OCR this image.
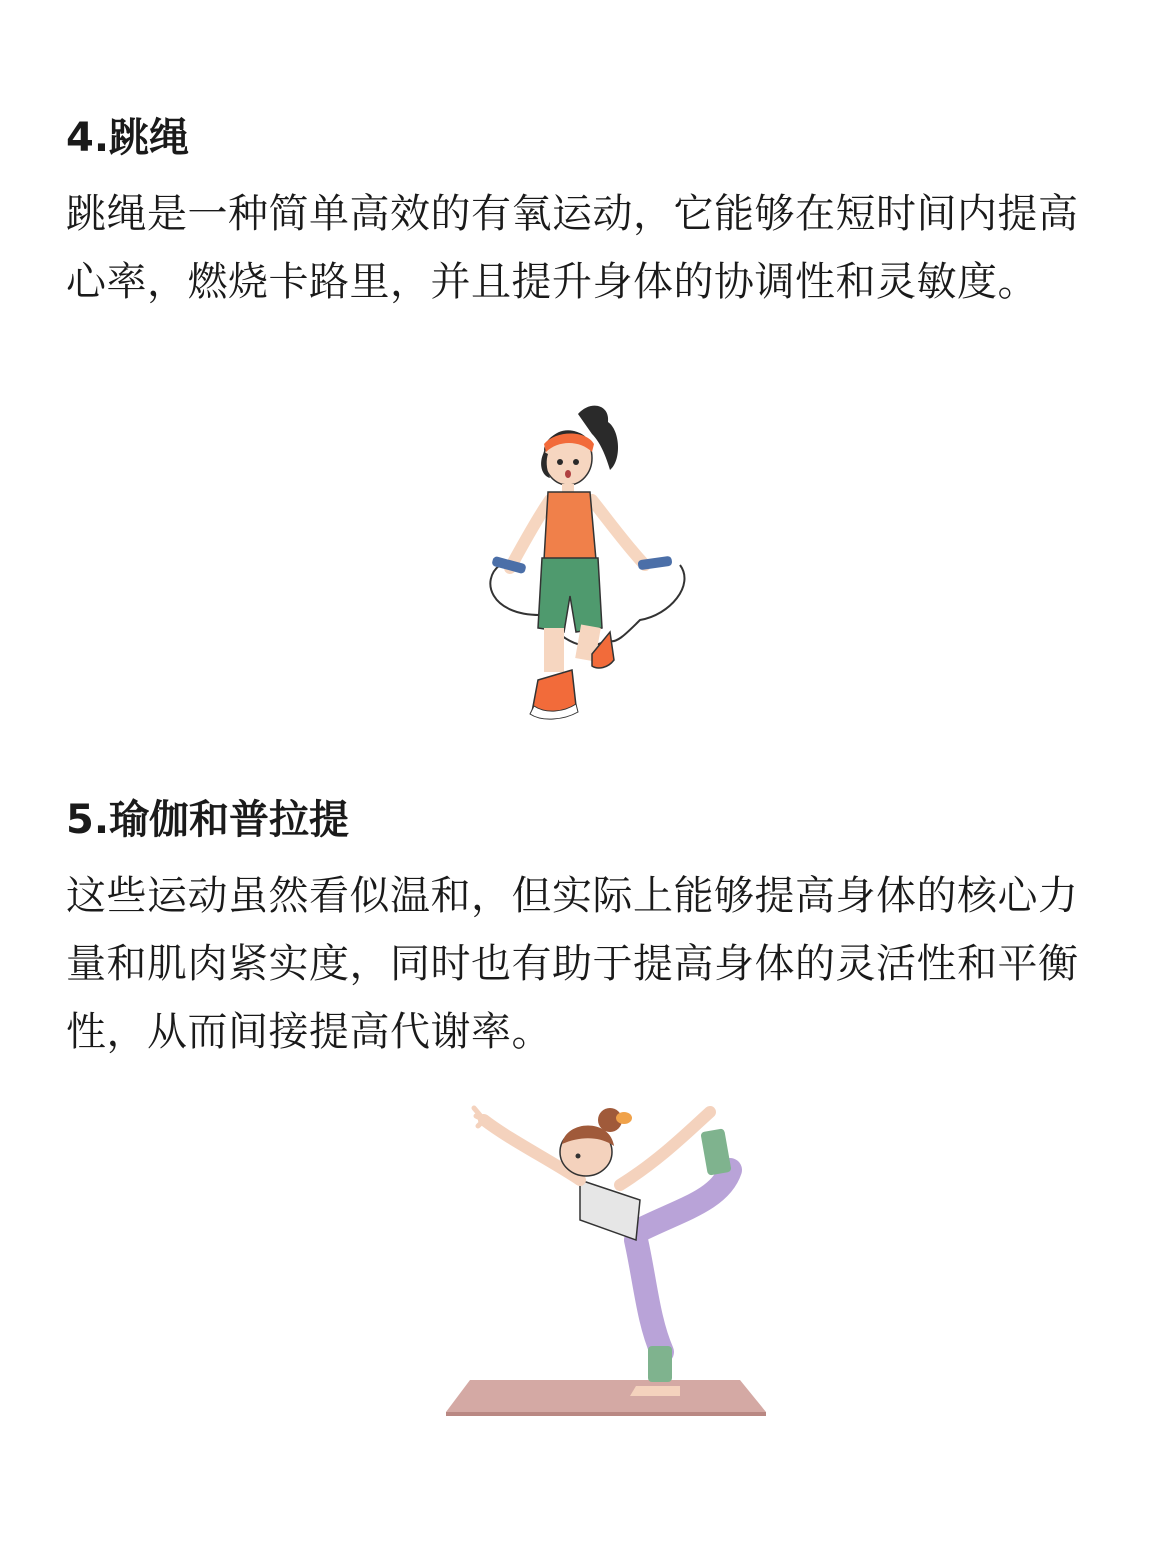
4.跳绳

跳绳是一种简单高效的有氧运动，它能够在短时间内提高心率，燃烧卡路里，并且提升身体的协调性和灵敏度。

5.瑜伽和普拉提

这些运动虽然看似温和，但实际上能够提高身体的核心力量和肌肉紧实度，同时也有助于提高身体的灵活性和平衡性，从而间接提高代谢率。
